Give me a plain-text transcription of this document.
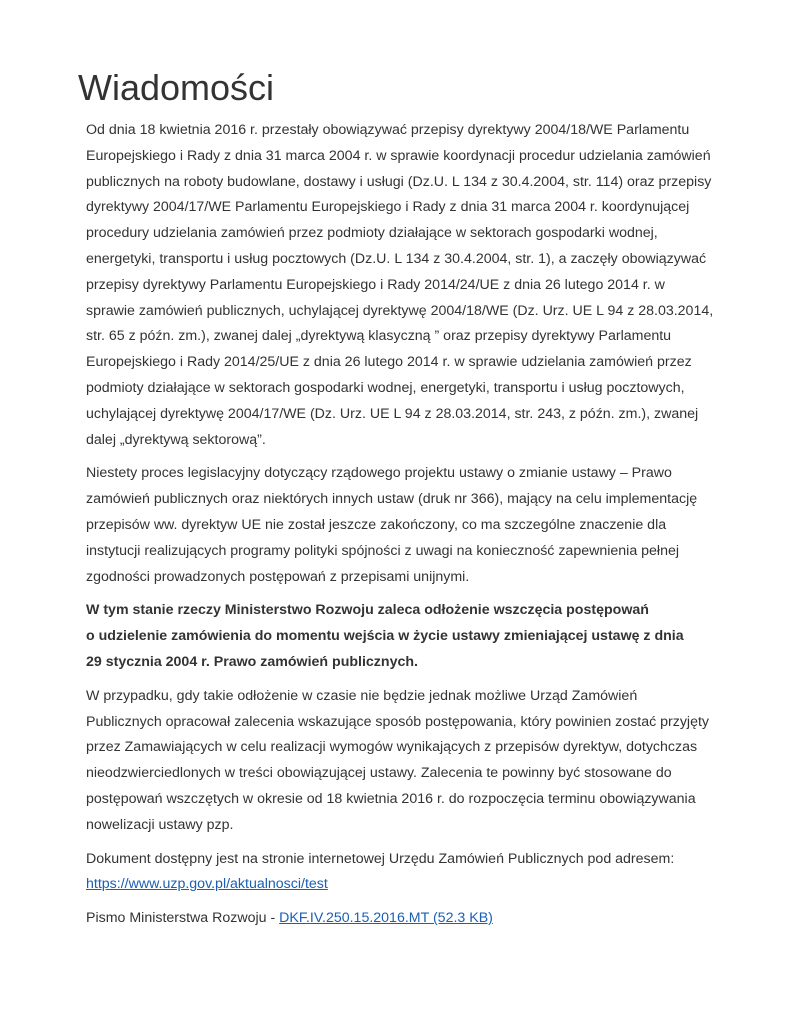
Wiadomości

Od dnia 18 kwietnia 2016 r. przestały obowiązywać przepisy dyrektywy 2004/18/WE Parlamentu Europejskiego i Rady z dnia 31 marca 2004 r. w sprawie koordynacji procedur udzielania zamówień publicznych na roboty budowlane, dostawy i usługi (Dz.U. L 134 z 30.4.2004, str. 114) oraz przepisy dyrektywy 2004/17/WE Parlamentu Europejskiego i Rady z dnia 31 marca 2004 r. koordynującej procedury udzielania zamówień przez podmioty działające w sektorach gospodarki wodnej, energetyki, transportu i usług pocztowych (Dz.U. L 134 z 30.4.2004, str. 1), a zaczęły obowiązywać przepisy dyrektywy Parlamentu Europejskiego i Rady 2014/24/UE z dnia 26 lutego 2014 r. w sprawie zamówień publicznych, uchylającej dyrektywę 2004/18/WE (Dz. Urz. UE L 94 z 28.03.2014, str. 65 z późn. zm.), zwanej dalej „dyrektywą klasyczną ” oraz przepisy dyrektywy Parlamentu Europejskiego i Rady 2014/25/UE z dnia 26 lutego 2014 r. w sprawie udzielania zamówień przez podmioty działające w sektorach gospodarki wodnej, energetyki, transportu i usług pocztowych, uchylającej dyrektywę 2004/17/WE (Dz. Urz. UE L 94 z 28.03.2014, str. 243, z późn. zm.), zwanej dalej „dyrektywą sektorową”.

Niestety proces legislacyjny dotyczący rządowego projektu ustawy o zmianie ustawy – Prawo zamówień publicznych oraz niektórych innych ustaw (druk nr 366), mający na celu implementację przepisów ww. dyrektyw UE nie został jeszcze zakończony, co ma szczególne znaczenie dla instytucji realizujących programy polityki spójności z uwagi na konieczność zapewnienia pełnej zgodności prowadzonych postępowań z przepisami unijnymi.

W tym stanie rzeczy Ministerstwo Rozwoju zaleca odłożenie wszczęcia postępowań
o udzielenie zamówienia do momentu wejścia w życie ustawy zmieniającej ustawę z dnia
29 stycznia 2004 r. Prawo zamówień publicznych.

W przypadku, gdy takie odłożenie w czasie nie będzie jednak możliwe Urząd Zamówień Publicznych opracował zalecenia wskazujące sposób postępowania, który powinien zostać przyjęty przez Zamawiających w celu realizacji wymogów wynikających z przepisów dyrektyw, dotychczas nieodzwierciedlonych w treści obowiązującej ustawy. Zalecenia te powinny być stosowane do postępowań wszczętych w okresie od 18 kwietnia 2016 r. do rozpoczęcia terminu obowiązywania nowelizacji ustawy pzp.

Dokument dostępny jest na stronie internetowej Urzędu Zamówień Publicznych pod adresem:
https://www.uzp.gov.pl/aktualnosci/test

Pismo Ministerstwa Rozwoju - DKF.IV.250.15.2016.MT (52.3 KB)
